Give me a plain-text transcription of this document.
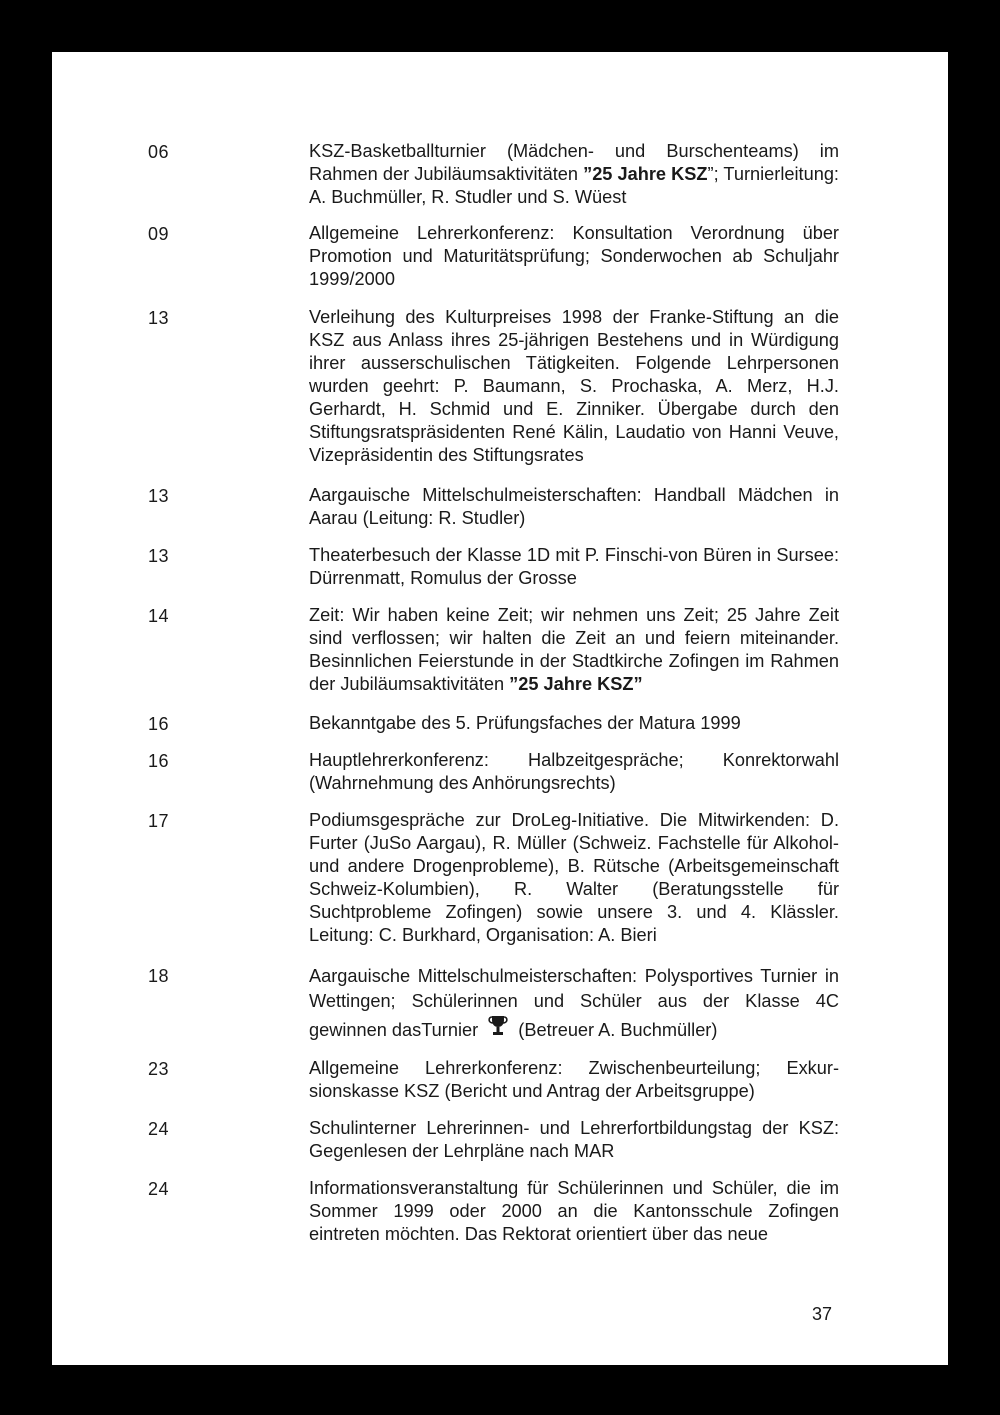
06	KSZ-Basketballturnier (Mädchen- und Burschenteams) im Rahmen der Jubiläumsaktivitäten ”25 Jahre KSZ”; Turnierleitung: A. Buchmüller, R. Studler und S. Wüest
09	Allgemeine Lehrerkonferenz: Konsultation Verordnung über Promotion und Maturitätsprüfung; Sonderwochen ab Schuljahr 1999/2000
13	Verleihung des Kulturpreises 1998 der Franke-Stiftung an die KSZ aus Anlass ihres 25-jährigen Bestehens und in Würdigung ihrer ausserschulischen Tätigkeiten. Folgende Lehrpersonen wurden geehrt: P. Baumann, S. Prochaska, A. Merz, H.J. Gerhardt, H. Schmid und E. Zinniker. Übergabe durch den Stiftungsratspräsidenten René Kälin, Laudatio von Hanni Veuve, Vizepräsidentin des Stiftungsrates
13	Aargauische Mittelschulmeisterschaften: Handball Mädchen in Aarau (Leitung: R. Studler)
13	Theaterbesuch der Klasse 1D mit P. Finschi-von Büren in Sursee: Dürrenmatt, Romulus der Grosse
14	Zeit: Wir haben keine Zeit; wir nehmen uns Zeit; 25 Jahre Zeit sind verflossen; wir halten die Zeit an und feiern miteinander. Besinnlichen Feierstunde in der Stadtkirche Zofingen im Rahmen der Jubiläumsaktivitäten ”25 Jahre KSZ”
16	Bekanntgabe des 5. Prüfungsfaches der Matura 1999
16	Hauptlehrerkonferenz: Halbzeitgespräche; Konrektorwahl (Wahrnehmung des Anhörungsrechts)
17	Podiumsgespräche zur DroLeg-Initiative. Die Mitwirkenden: D. Furter (JuSo Aargau), R. Müller (Schweiz. Fachstelle für Alkohol- und andere Drogenprobleme), B. Rütsche (Arbeitsgemeinschaft Schweiz-Kolumbien), R. Walter (Beratungsstelle für Suchtprobleme Zofingen) sowie unsere 3. und 4. Klässler. Leitung: C. Burkhard, Organisation: A. Bieri
18	Aargauische Mittelschulmeisterschaften: Polysportives Turnier in Wettingen; Schülerinnen und Schüler aus der Klasse 4C gewinnen dasTurnier  (Betreuer A. Buchmüller)
23	Allgemeine Lehrerkonferenz: Zwischenbeurteilung; Exkursionskasse KSZ (Bericht und Antrag der Arbeitsgruppe)
24	Schulinterner Lehrerinnen- und Lehrerfortbildungstag der KSZ: Gegenlesen der Lehrpläne nach MAR
24	Informationsveranstaltung für Schülerinnen und Schüler, die im Sommer 1999 oder 2000 an die Kantonsschule Zofingen eintreten möchten. Das Rektorat orientiert über das neue
37
